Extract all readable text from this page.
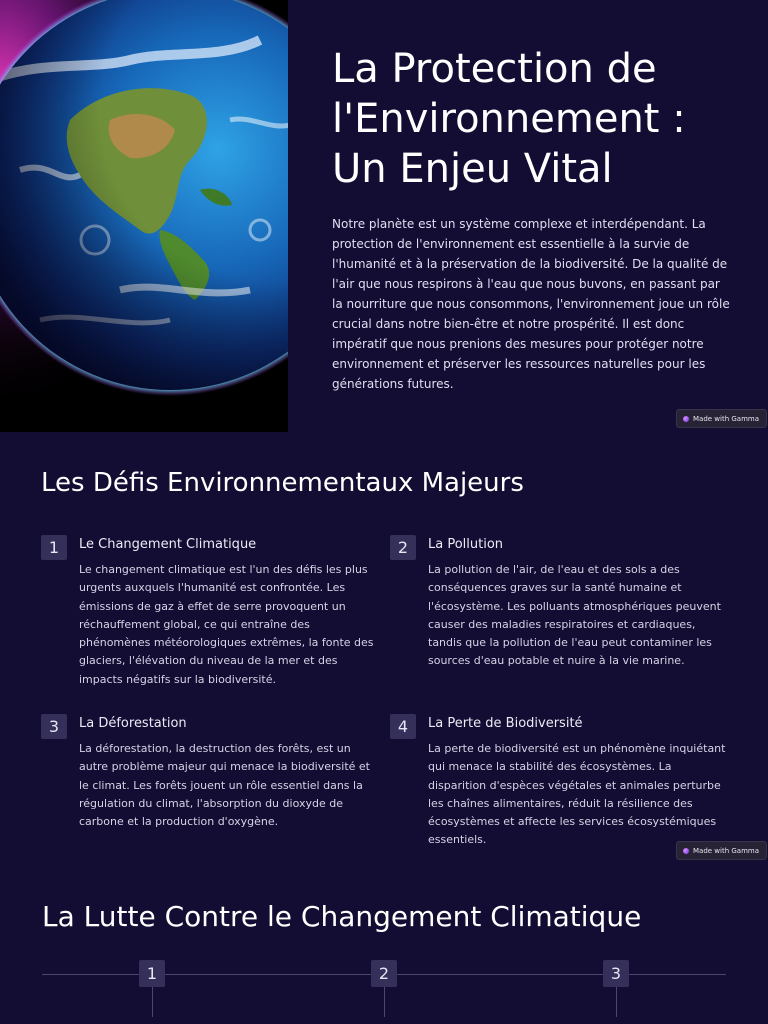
La Protection de
l'Environnement :
Un Enjeu Vital

Notre planète est un système complexe et interdépendant. La protection de l'environnement est essentielle à la survie de l'humanité et à la préservation de la biodiversité. De la qualité de l'air que nous respirons à l'eau que nous buvons, en passant par la nourriture que nous consommons, l'environnement joue un rôle crucial dans notre bien-être et notre prospérité. Il est donc impératif que nous prenions des mesures pour protéger notre environnement et préserver les ressources naturelles pour les générations futures.

Made with Gamma
Les Défis Environnementaux Majeurs
1	Le Changement Climatique

Le changement climatique est l'un des défis les plus urgents auxquels l'humanité est confrontée. Les émissions de gaz à effet de serre provoquent un réchauffement global, ce qui entraîne des phénomènes météorologiques extrêmes, la fonte des glaciers, l'élévation du niveau de la mer et des impacts négatifs sur la biodiversité.

2	La Pollution

La pollution de l'air, de l'eau et des sols a des conséquences graves sur la santé humaine et l'écosystème. Les polluants atmosphériques peuvent causer des maladies respiratoires et cardiaques, tandis que la pollution de l'eau peut contaminer les sources d'eau potable et nuire à la vie marine.

3	La Déforestation

La déforestation, la destruction des forêts, est un autre problème majeur qui menace la biodiversité et le climat. Les forêts jouent un rôle essentiel dans la régulation du climat, l'absorption du dioxyde de carbone et la production d'oxygène.

4	La Perte de Biodiversité

La perte de biodiversité est un phénomène inquiétant qui menace la stabilité des écosystèmes. La disparition d'espèces végétales et animales perturbe les chaînes alimentaires, réduit la résilience des écosystèmes et affecte les services écosystémiques essentiels.

Made with Gamma
La Lutte Contre le Changement Climatique
1	2	3
